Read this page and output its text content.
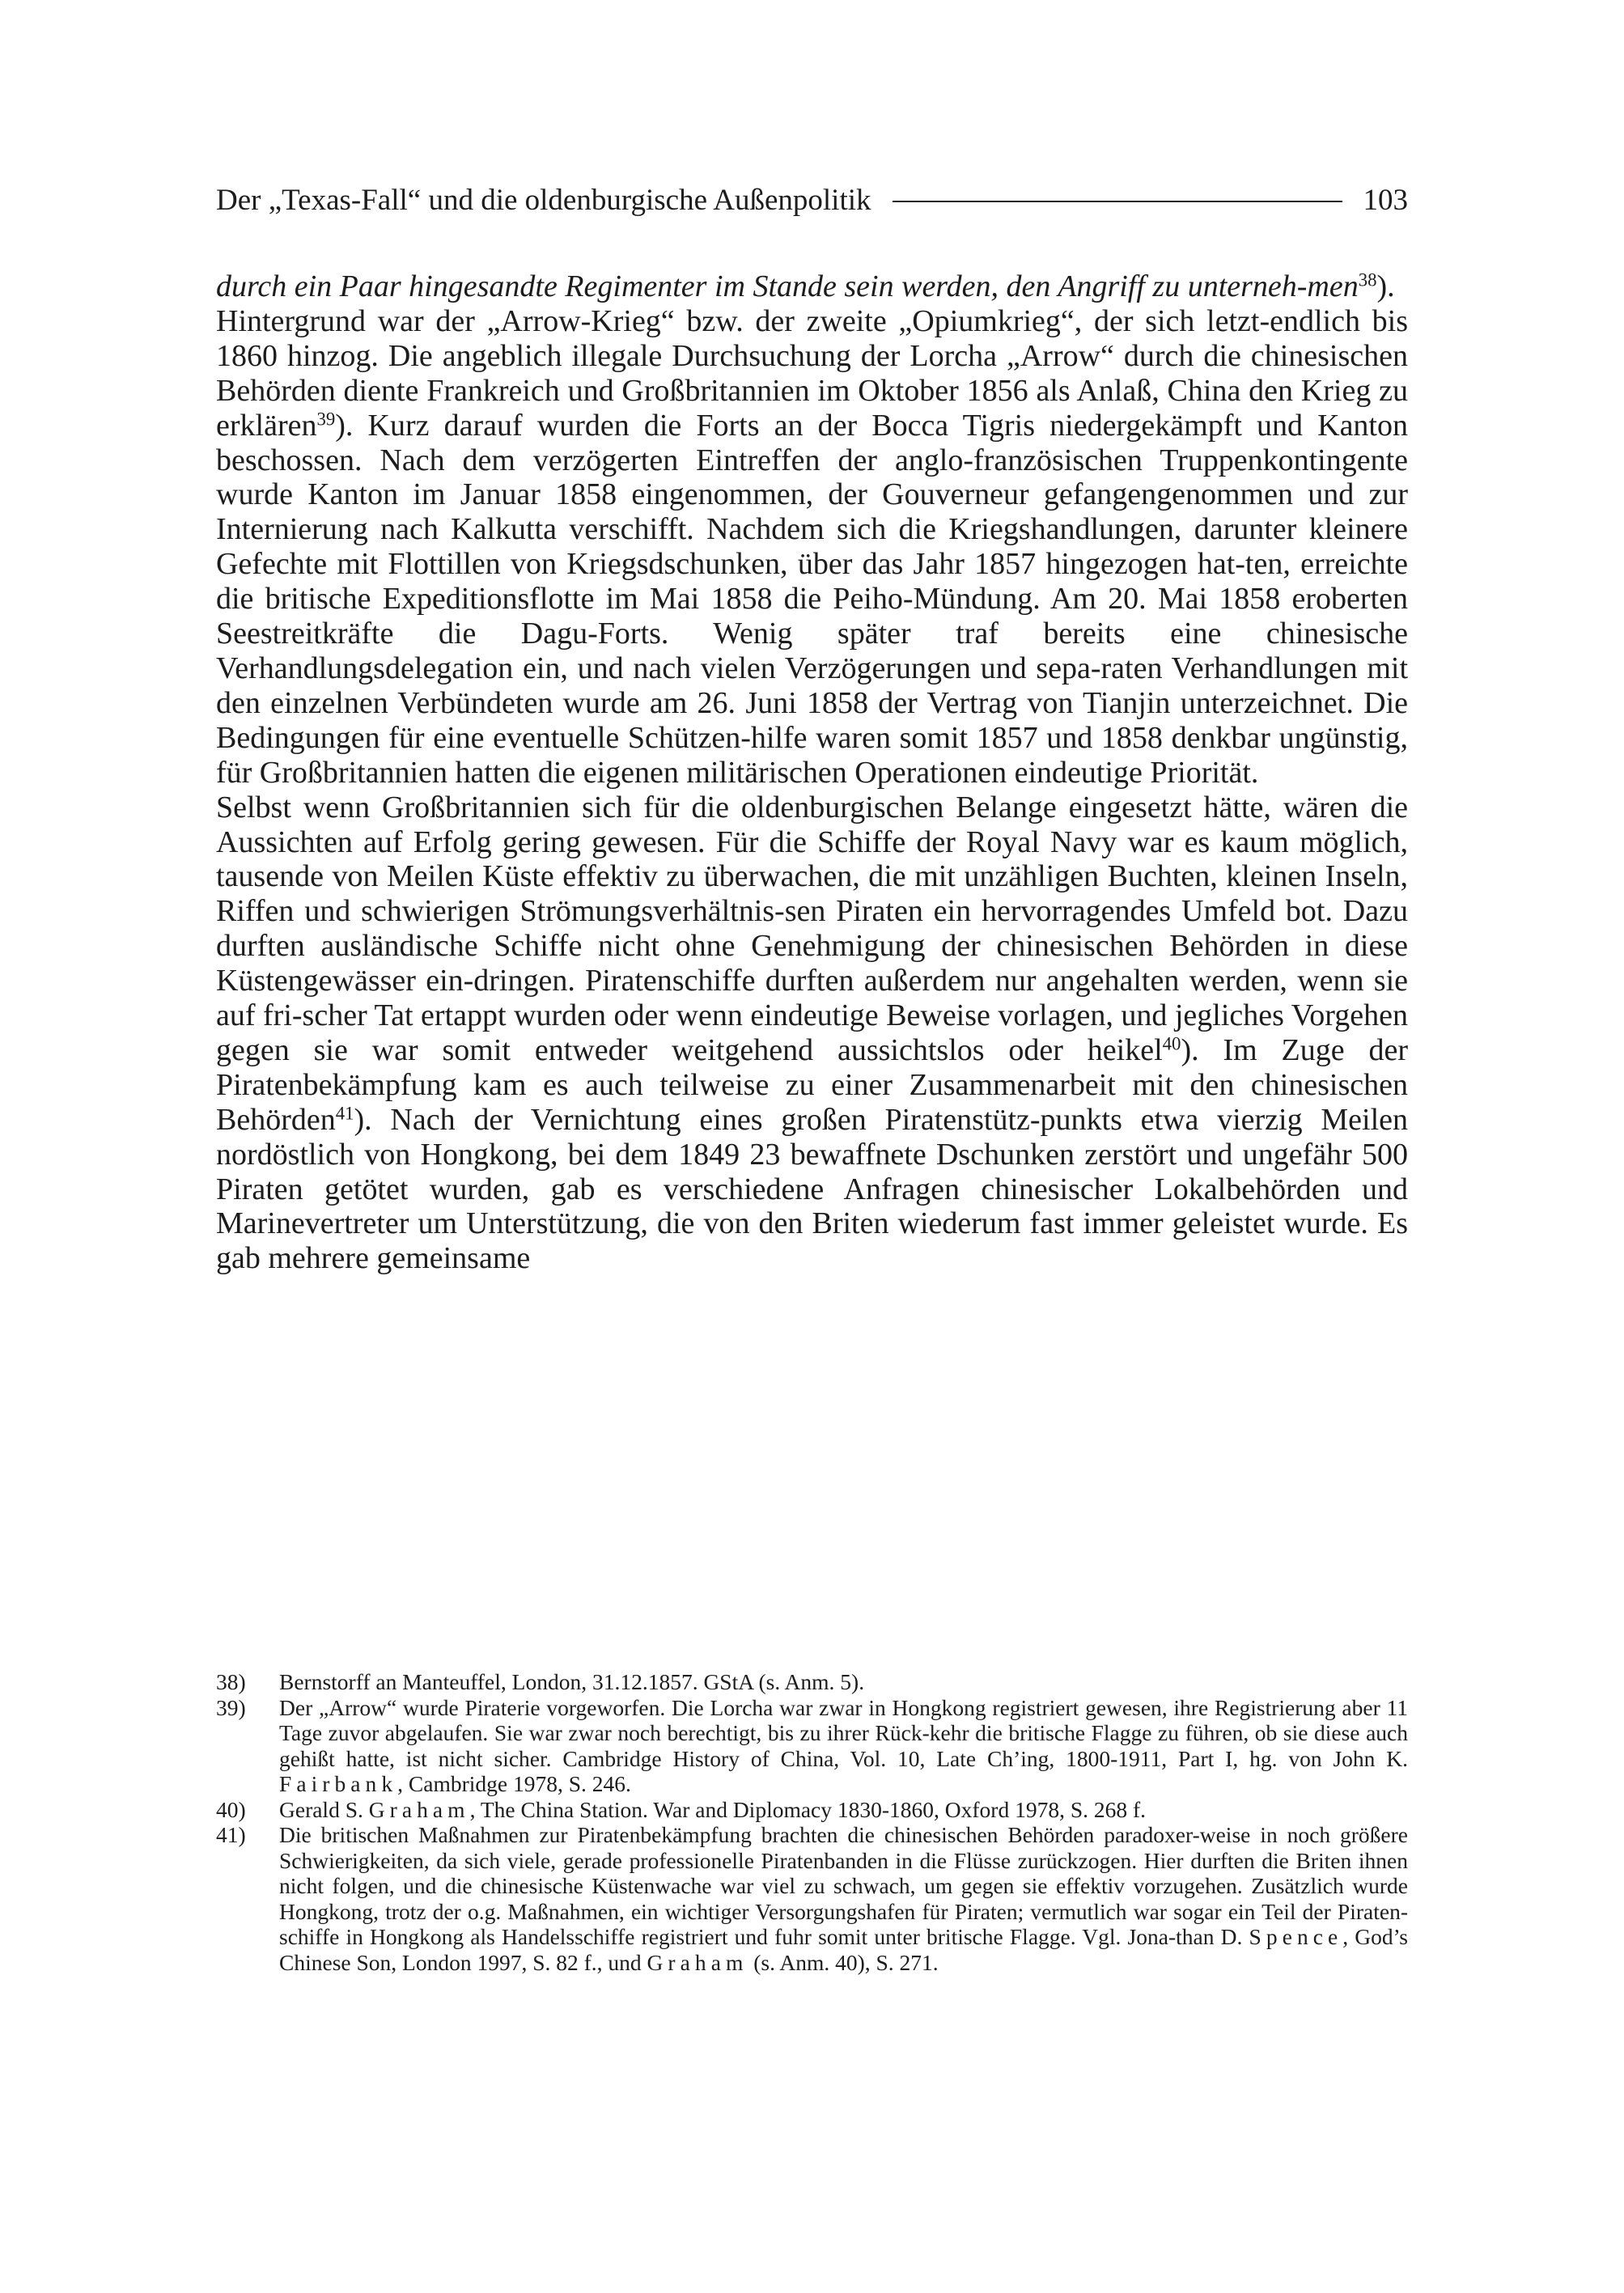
Der „Texas-Fall“ und die oldenburgische Außenpolitik	103

durch ein Paar hingesandte Regimenter im Stande sein werden, den Angriff zu unterneh-men$^{38}$).

Hintergrund war der „Arrow-Krieg“ bzw. der zweite „Opiumkrieg“, der sich letzt-endlich bis 1860 hinzog. Die angeblich illegale Durchsuchung der Lorcha „Arrow“ durch die chinesischen Behörden diente Frankreich und Großbritannien im Oktober 1856 als Anlaß, China den Krieg zu erklären$^{39}$). Kurz darauf wurden die Forts an der Bocca Tigris niedergekämpft und Kanton beschossen. Nach dem verzögerten Eintreffen der anglo-französischen Truppenkontingente wurde Kanton im Januar 1858 eingenommen, der Gouverneur gefangengenommen und zur Internierung nach Kalkutta verschifft. Nachdem sich die Kriegshandlungen, darunter kleinere Gefechte mit Flottillen von Kriegsdschunken, über das Jahr 1857 hingezogen hat-ten, erreichte die britische Expeditionsflotte im Mai 1858 die Peiho-Mündung. Am 20. Mai 1858 eroberten Seestreitkräfte die Dagu-Forts. Wenig später traf bereits eine chinesische Verhandlungsdelegation ein, und nach vielen Verzögerungen und sepa-raten Verhandlungen mit den einzelnen Verbündeten wurde am 26. Juni 1858 der Vertrag von Tianjin unterzeichnet. Die Bedingungen für eine eventuelle Schützen-hilfe waren somit 1857 und 1858 denkbar ungünstig, für Großbritannien hatten die eigenen militärischen Operationen eindeutige Priorität.

Selbst wenn Großbritannien sich für die oldenburgischen Belange eingesetzt hätte, wären die Aussichten auf Erfolg gering gewesen. Für die Schiffe der Royal Navy war es kaum möglich, tausende von Meilen Küste effektiv zu überwachen, die mit unzähligen Buchten, kleinen Inseln, Riffen und schwierigen Strömungsverhältnis-sen Piraten ein hervorragendes Umfeld bot. Dazu durften ausländische Schiffe nicht ohne Genehmigung der chinesischen Behörden in diese Küstengewässer ein-dringen. Piratenschiffe durften außerdem nur angehalten werden, wenn sie auf fri-scher Tat ertappt wurden oder wenn eindeutige Beweise vorlagen, und jegliches Vorgehen gegen sie war somit entweder weitgehend aussichtslos oder heikel$^{40}$). Im Zuge der Piratenbekämpfung kam es auch teilweise zu einer Zusammenarbeit mit den chinesischen Behörden$^{41}$). Nach der Vernichtung eines großen Piratenstütz-punkts etwa vierzig Meilen nordöstlich von Hongkong, bei dem 1849 23 bewaffnete Dschunken zerstört und ungefähr 500 Piraten getötet wurden, gab es verschiedene Anfragen chinesischer Lokalbehörden und Marinevertreter um Unterstützung, die von den Briten wiederum fast immer geleistet wurde. Es gab mehrere gemeinsame

38)	Bernstorff an Manteuffel, London, 31.12.1857. GStA (s. Anm. 5).
39)	Der „Arrow“ wurde Piraterie vorgeworfen. Die Lorcha war zwar in Hongkong registriert gewesen, ihre Registrierung aber 11 Tage zuvor abgelaufen. Sie war zwar noch berechtigt, bis zu ihrer Rück-kehr die britische Flagge zu führen, ob sie diese auch gehißt hatte, ist nicht sicher. Cambridge History of China, Vol. 10, Late Ch’ing, 1800-1911, Part I, hg. von John K. Fairbank, Cambridge 1978, S. 246.
40)	Gerald S. Graham, The China Station. War and Diplomacy 1830-1860, Oxford 1978, S. 268 f.
41)	Die britischen Maßnahmen zur Piratenbekämpfung brachten die chinesischen Behörden paradoxer-weise in noch größere Schwierigkeiten, da sich viele, gerade professionelle Piratenbanden in die Flüsse zurückzogen. Hier durften die Briten ihnen nicht folgen, und die chinesische Küstenwache war viel zu schwach, um gegen sie effektiv vorzugehen. Zusätzlich wurde Hongkong, trotz der o.g. Maßnahmen, ein wichtiger Versorgungshafen für Piraten; vermutlich war sogar ein Teil der Piraten-schiffe in Hongkong als Handelsschiffe registriert und fuhr somit unter britische Flagge. Vgl. Jona-than D. Spence, God’s Chinese Son, London 1997, S. 82 f., und Graham (s. Anm. 40), S. 271.
